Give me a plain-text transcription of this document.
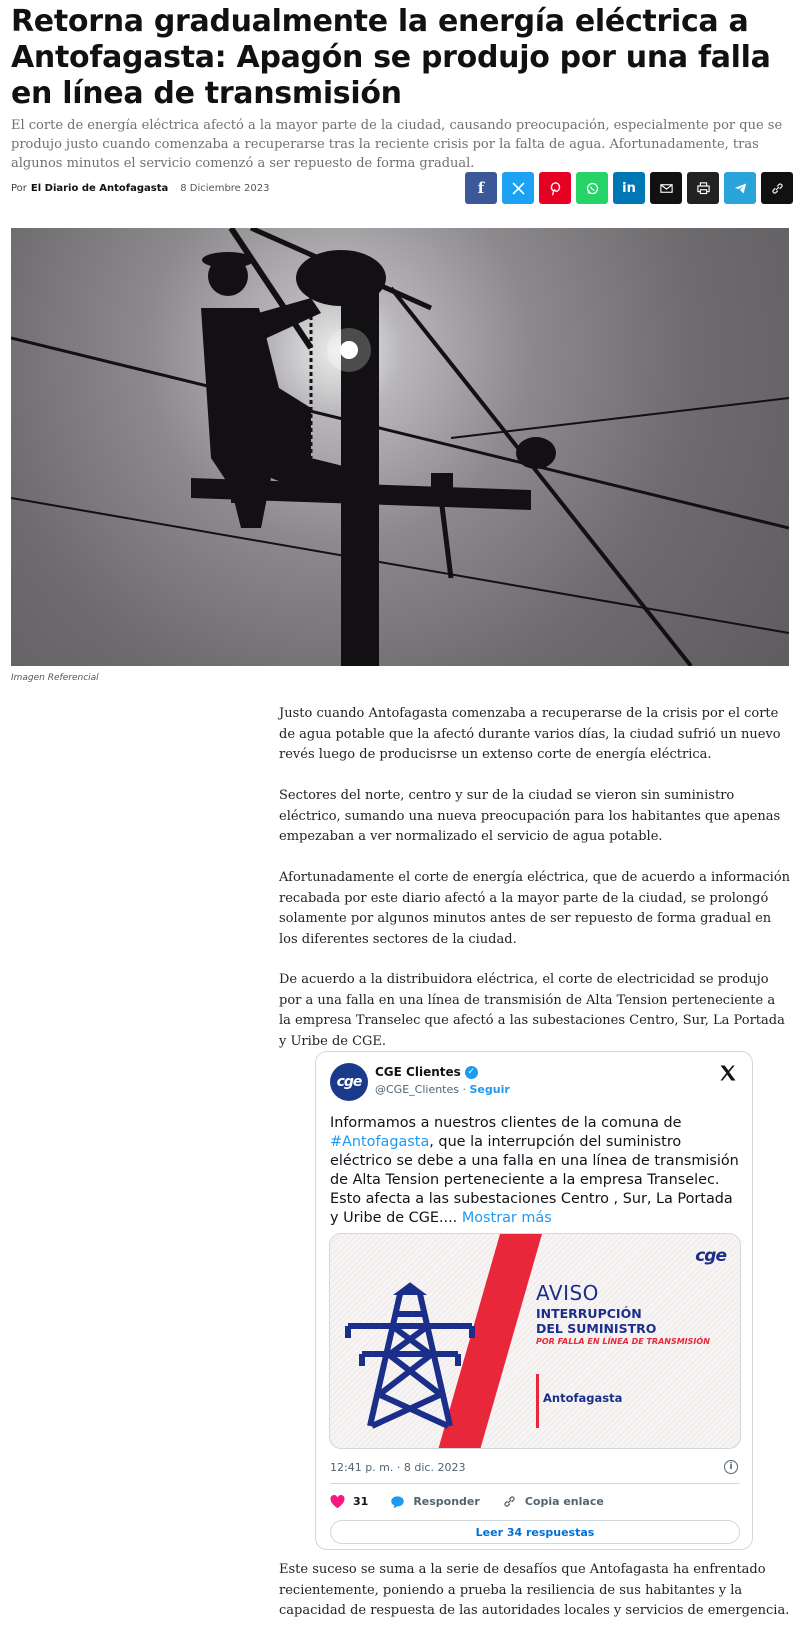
Retorna gradualmente la energía eléctrica a Antofagasta: Apagón se produjo por una falla en línea de transmisión

El corte de energía eléctrica afectó a la mayor parte de la ciudad, causando preocupación, especialmente por que se produjo justo cuando comenzaba a recuperarse tras la reciente crisis por la falta de agua. Afortunadamente, tras algunos minutos el servicio comenzó a ser repuesto de forma gradual.

Por El Diario de Antofagasta 8 Diciembre 2023	f	in
Imagen Referencial

Justo cuando Antofagasta comenzaba a recuperarse de la crisis por el corte de agua potable que la afectó durante varios días, la ciudad sufrió un nuevo revés luego de producisrse un extenso corte de energía eléctrica.

Sectores del norte, centro y sur de la ciudad se vieron sin suministro eléctrico, sumando una nueva preocupación para los habitantes que apenas empezaban a ver normalizado el servicio de agua potable.

Afortunadamente el corte de energía eléctrica, que de acuerdo a información recabada por este diario afectó a la mayor parte de la ciudad, se prolongó solamente por algunos minutos antes de ser repuesto de forma gradual en los diferentes sectores de la ciudad.

De acuerdo a la distribuidora eléctrica, el corte de electricidad se produjo por a una falla en una línea de transmisión de Alta Tension perteneciente a la empresa Transelec que afectó a las subestaciones Centro, Sur, La Portada y Uribe de CGE.

cge
CGE Clientes ✓
@CGE_Clientes · Seguir
Informamos a nuestros clientes de la comuna de #Antofagasta, que la interrupción del suministro eléctrico se debe a una falla en una línea de transmisión de Alta Tension perteneciente a la empresa Transelec. Esto afecta a las subestaciones Centro , Sur, La Portada y Uribe de CGE.... Mostrar más
cge
AVISO
INTERRUPCIÓN
DEL SUMINISTRO
POR FALLA EN LÍNEA DE TRANSMISIÓN
Antofagasta
12:41 p. m. · 8 dic. 2023	i
31	Responder	Copia enlace
Leer 34 respuestas

Este suceso se suma a la serie de desafíos que Antofagasta ha enfrentado recientemente, poniendo a prueba la resiliencia de sus habitantes y la capacidad de respuesta de las autoridades locales y servicios de emergencia.
